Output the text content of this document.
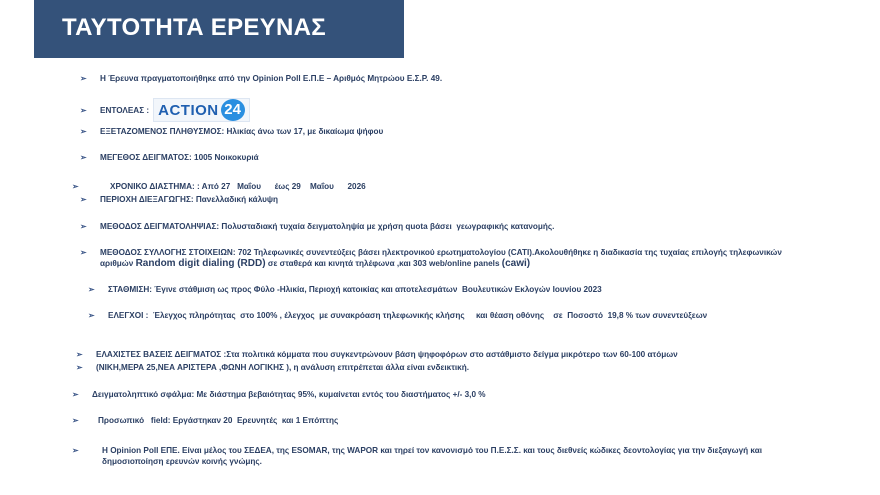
ΤΑΥΤΟΤΗΤΑ ΕΡΕΥΝΑΣ
➢	Η Έρευνα πραγματοποιήθηκε από την Opinion Poll Ε.Π.Ε – Αριθμός Μητρώου Ε.Σ.Ρ. 49.
➢	ΕΝΤΟΛΕΑΣ : ACTION 24
➢	ΕΞΕΤΑΖΟΜΕΝΟΣ ΠΛΗΘΥΣΜΟΣ: Ηλικίας άνω των 17, με δικαίωμα ψήφου
➢	ΜΕΓΕΘΟΣ ΔΕΙΓΜΑΤΟΣ: 1005 Νοικοκυριά
➢	ΧΡΟΝΙΚΟ ΔΙΑΣΤΗΜΑ: : Από 27   Μαΐου      έως 29    Μαΐου      2026
➢	ΠΕΡΙΟΧΗ ΔΙΕΞΑΓΩΓΗΣ: Πανελλαδική κάλυψη
➢	ΜΕΘΟΔΟΣ ΔΕΙΓΜΑΤΟΛΗΨΙΑΣ: Πολυσταδιακή τυχαία δειγματοληψία με χρήση quota βάσει  γεωγραφικής κατανομής.
➢	ΜΕΘΟΔΟΣ ΣΥΛΛΟΓΗΣ ΣΤΟΙΧΕΙΩΝ: 702 Τηλεφωνικές συνεντεύξεις βάσει ηλεκτρονικού ερωτηματολογίου (CATI).Ακολουθήθηκε η διαδικασία της τυχαίας επιλογής τηλεφωνικών αριθμών Random digit dialing (RDD) σε σταθερά και κινητά τηλέφωνα ,και 303 web/online panels (cawi)
➢	ΣΤΑΘΜΙΣΗ: Έγινε στάθμιση ως προς Φύλο -Ηλικία, Περιοχή κατοικίας και αποτελεσμάτων  Βουλευτικών Εκλογών Ιουνίου 2023
➢	ΕΛΕΓΧΟΙ :  Έλεγχος πληρότητας  στο 100% , έλεγχος  με συνακρόαση τηλεφωνικής κλήσης     και θέαση οθόνης    σε  Ποσοστό  19,8 % των συνεντεύξεων
➢	ΕΛΑΧΙΣΤΕΣ ΒΑΣΕΙΣ ΔΕΙΓΜΑΤΟΣ :Στα πολιτικά κόμματα που συγκεντρώνουν βάση ψηφοφόρων στο αστάθμιστο δείγμα μικρότερο των 60-100 ατόμων
➢	(ΝΙΚΗ,ΜΕΡΑ 25,ΝΕΑ ΑΡΙΣΤΕΡΑ ,ΦΩΝΗ ΛΟΓΙΚΗΣ ), η ανάλυση επιτρέπεται άλλα είναι ενδεικτική.
➢	Δειγματοληπτικό σφάλμα: Με διάστημα βεβαιότητας 95%, κυμαίνεται εντός του διαστήματος +/- 3,0 %
➢	Προσωπικό   field: Εργάστηκαν 20  Ερευνητές  και 1 Επόπτης
➢	Η Opinion Poll ΕΠΕ. Είναι μέλος του ΣΕΔΕΑ, της ESOMAR, της WAPOR και τηρεί τον κανονισμό του Π.Ε.Σ.Σ. και τους διεθνείς κώδικες δεοντολογίας για την διεξαγωγή και δημοσιοποίηση ερευνών κοινής γνώμης.
